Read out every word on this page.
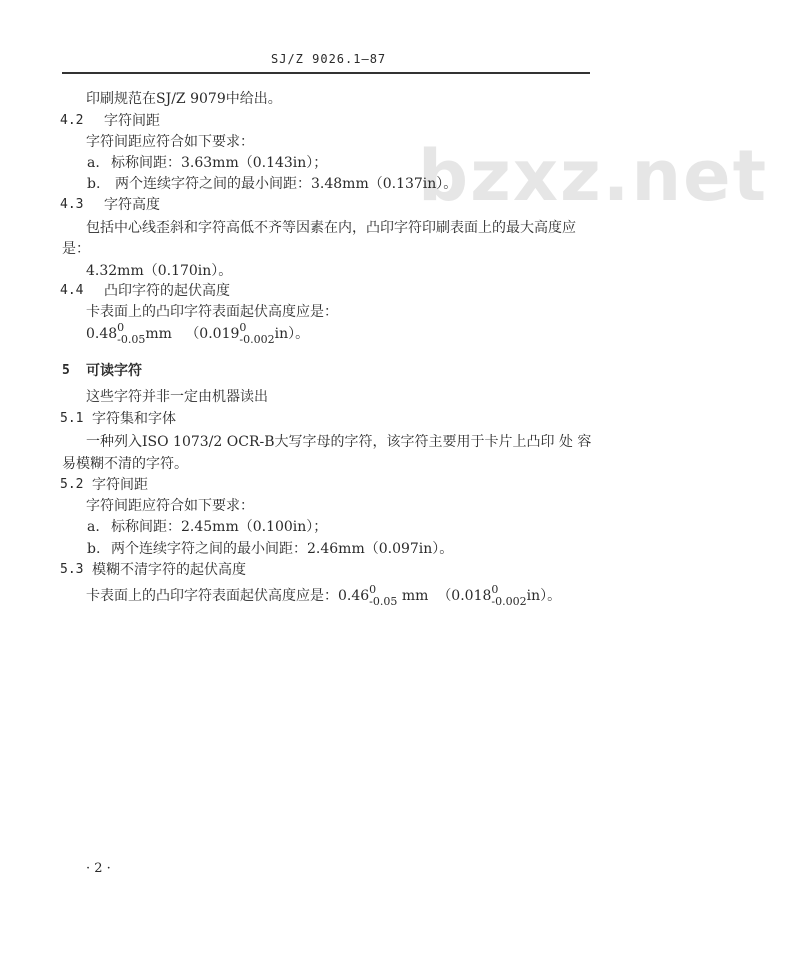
SJ/Z 9026.1—87
bzxz.net
印刷规范在SJ/Z 9079中给出。
4.2 字符间距
字符间距应符合如下要求：
a. 标称间距：3.63mm（0.143in）；
b. 两个连续字符之间的最小间距：3.48mm（0.137in）。
4.3 字符高度
包括中心线歪斜和字符高低不齐等因素在内，凸印字符印刷表面上的最大高度应
是：
4.32mm（0.170in）。
4.4 凸印字符的起伏高度
卡表面上的凸印字符表面起伏高度应是：
0.48 0
-0.05 mm （0.019 0
-0.002 in）。
5 可读字符
这些字符并非一定由机器读出
5.1 字符集和字体
一种列入ISO 1073/2 OCR-B大写字母的字符，该字符主要用于卡片上凸印 处 容
易模糊不清的字符。
5.2 字符间距
字符间距应符合如下要求：
a. 标称间距：2.45mm（0.100in）；
b. 两个连续字符之间的最小间距：2.46mm（0.097in）。
5.3 模糊不清字符的起伏高度
卡表面上的凸印字符表面起伏高度应是：0.46 0
-0.05 mm （0.018 0
-0.002 in）。
· 2 ·
